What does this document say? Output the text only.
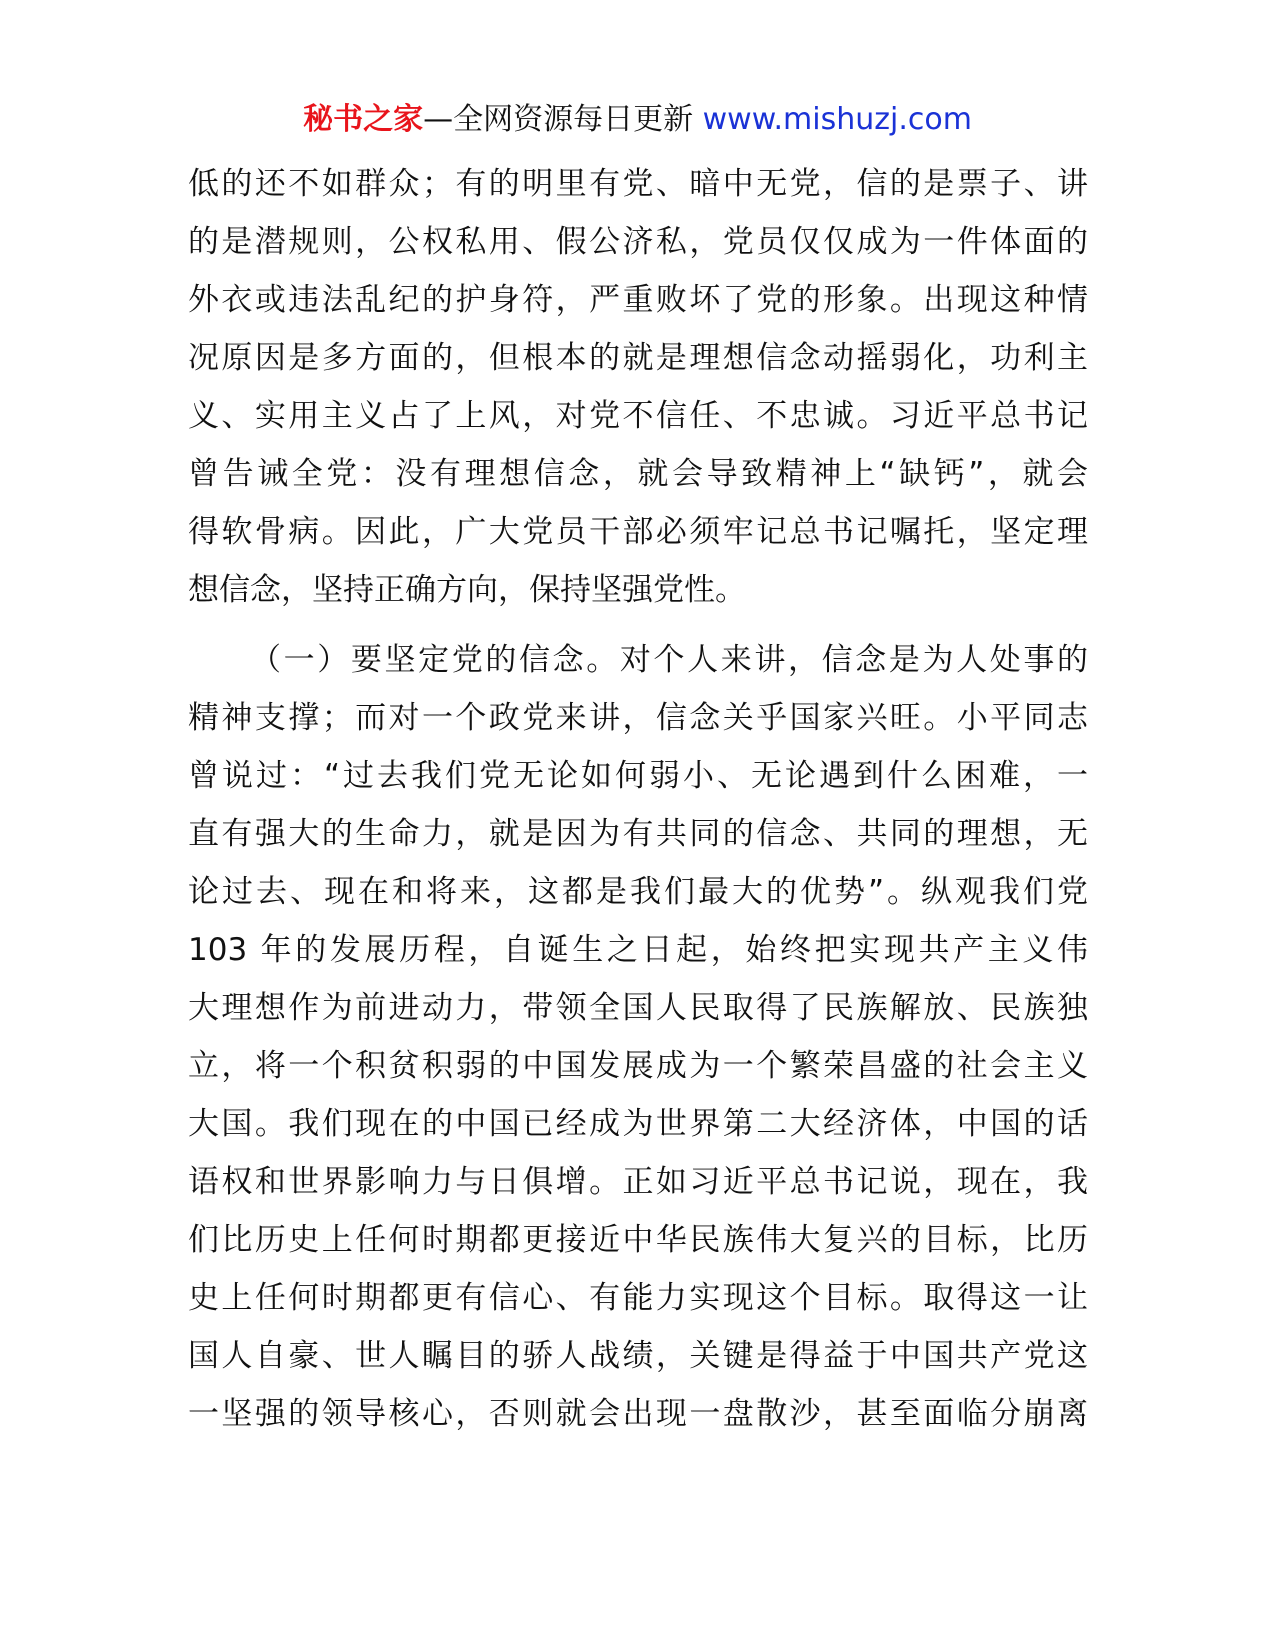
秘书之家—全网资源每日更新 www.mishuzj.com
低的还不如群众；有的明里有党、暗中无党，信的是票子、讲
的是潜规则，公权私用、假公济私，党员仅仅成为一件体面的
外衣或违法乱纪的护身符，严重败坏了党的形象。出现这种情
况原因是多方面的，但根本的就是理想信念动摇弱化，功利主
义、实用主义占了上风，对党不信任、不忠诚。习近平总书记
曾告诫全党：没有理想信念，就会导致精神上“缺钙”，就会
得软骨病。因此，广大党员干部必须牢记总书记嘱托，坚定理
想信念，坚持正确方向，保持坚强党性。
（一）要坚定党的信念。对个人来讲，信念是为人处事的
精神支撑；而对一个政党来讲，信念关乎国家兴旺。小平同志
曾说过：“过去我们党无论如何弱小、无论遇到什么困难，一
直有强大的生命力，就是因为有共同的信念、共同的理想，无
论过去、现在和将来，这都是我们最大的优势”。纵观我们党
103 年的发展历程，自诞生之日起，始终把实现共产主义伟
大理想作为前进动力，带领全国人民取得了民族解放、民族独
立，将一个积贫积弱的中国发展成为一个繁荣昌盛的社会主义
大国。我们现在的中国已经成为世界第二大经济体，中国的话
语权和世界影响力与日俱增。正如习近平总书记说，现在，我
们比历史上任何时期都更接近中华民族伟大复兴的目标，比历
史上任何时期都更有信心、有能力实现这个目标。取得这一让
国人自豪、世人瞩目的骄人战绩，关键是得益于中国共产党这
一坚强的领导核心，否则就会出现一盘散沙，甚至面临分崩离
